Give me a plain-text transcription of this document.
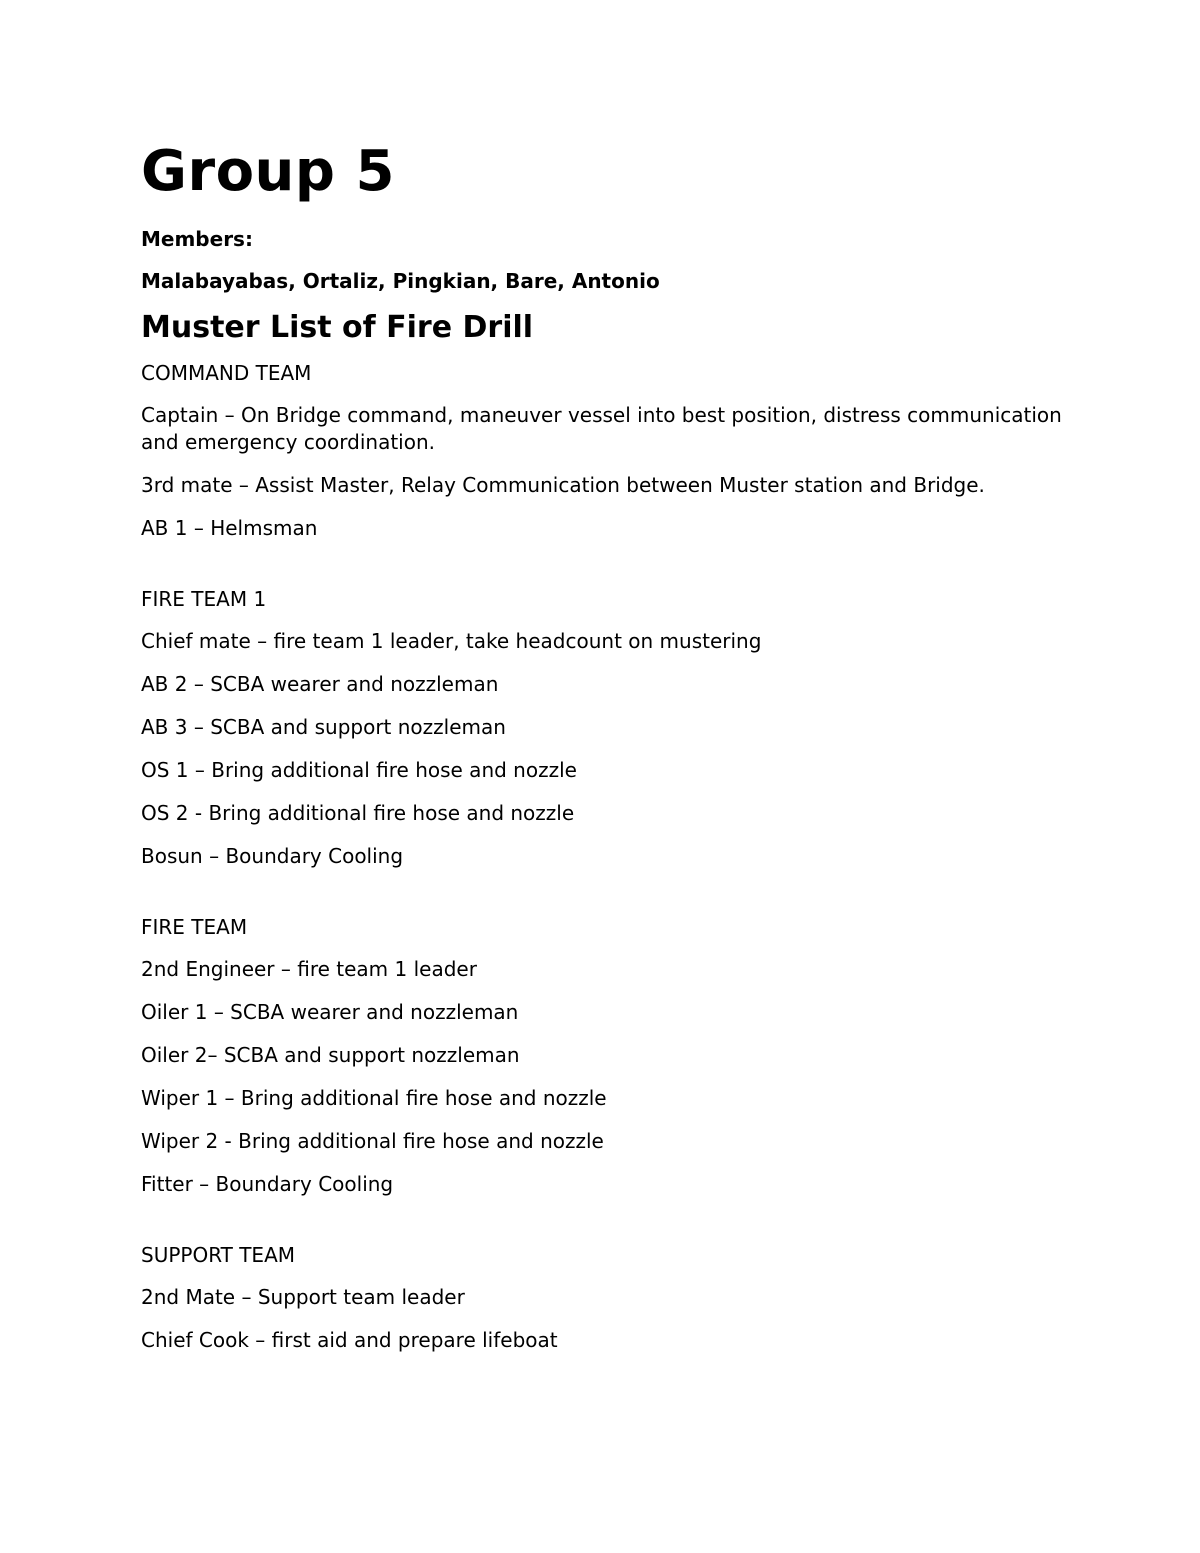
Group 5
Members:
Malabayabas, Ortaliz, Pingkian, Bare, Antonio
Muster List of Fire Drill
COMMAND TEAM
Captain – On Bridge command, maneuver vessel into best position, distress communication and emergency coordination.
3rd mate – Assist Master, Relay Communication between Muster station and Bridge.
AB 1 – Helmsman
FIRE TEAM 1
Chief mate – fire team 1 leader, take headcount on mustering
AB 2 – SCBA wearer and nozzleman
AB 3 – SCBA and support nozzleman
OS 1 – Bring additional fire hose and nozzle
OS 2 - Bring additional fire hose and nozzle
Bosun – Boundary Cooling
FIRE TEAM
2nd Engineer – fire team 1 leader
Oiler 1 – SCBA wearer and nozzleman
Oiler 2– SCBA and support nozzleman
Wiper 1 – Bring additional fire hose and nozzle
Wiper 2 - Bring additional fire hose and nozzle
Fitter – Boundary Cooling
SUPPORT TEAM
2nd Mate – Support team leader
Chief Cook – first aid and prepare lifeboat
